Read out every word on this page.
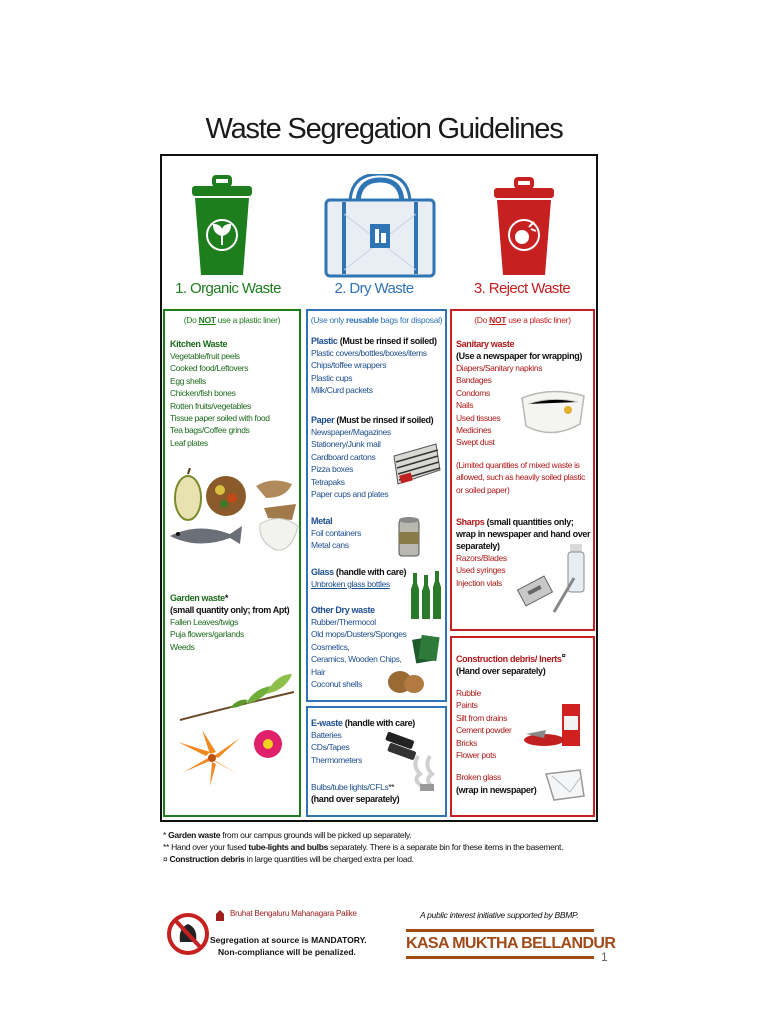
Waste Segregation Guidelines
1. Organic Waste	2. Dry Waste	3. Reject Waste
(Do NOT use a plastic liner)
Kitchen Waste
Vegetable/fruit peels
Cooked food/Leftovers
Egg shells
Chicken/fish bones
Rotten fruits/vegetables
Tissue paper soiled with food
Tea bags/Coffee grinds
Leaf plates
Garden waste*
(small quantity only; from Apt)
Fallen Leaves/twigs
Puja flowers/garlands
Weeds
(Use only reusable bags for disposal)
Plastic (Must be rinsed if soiled)
Plastic covers/bottles/boxes/items
Chips/toffee wrappers
Plastic cups
Milk/Curd packets
Paper (Must be rinsed if soiled)
Newspaper/Magazines
Stationery/Junk mail
Cardboard cartons
Pizza boxes
Tetrapaks
Paper cups and plates
Metal
Foil containers
Metal cans
Glass (handle with care)
Unbroken glass bottles
Other Dry waste
Rubber/Thermocol
Old mops/Dusters/Sponges
Cosmetics,
Ceramics, Wooden Chips,
Hair
Coconut shells
E-waste (handle with care)
Batteries
CDs/Tapes
Thermometers
Bulbs/tube lights/CFLs**
(hand over separately)
(Do NOT use a plastic liner)
Sanitary waste
(Use a newspaper for wrapping)
Diapers/Sanitary napkins
Bandages
Condoms
Nails
Used tissues
Medicines
Swept dust
(Limited quantities of mixed waste is allowed, such as heavily soiled plastic or soiled paper)
Sharps (small quantities only; wrap in newspaper and hand over separately)
Razors/Blades
Used syringes
Injection vials
Construction debris/ Inerts¤
(Hand over separately)
Rubble
Paints
Silt from drains
Cement powder
Bricks
Flower pots
Broken glass
(wrap in newspaper)
* Garden waste from our campus grounds will be picked up separately.
** Hand over your fused tube-lights and bulbs separately. There is a separate bin for these items in the basement.
¤ Construction debris in large quantities will be charged extra per load.
Bruhat Bengaluru Mahanagara Palike
Segregation at source is MANDATORY.
Non-compliance will be penalized.
A public interest initiative supported by BBMP.
KASA MUKTHA BELLANDUR
1
